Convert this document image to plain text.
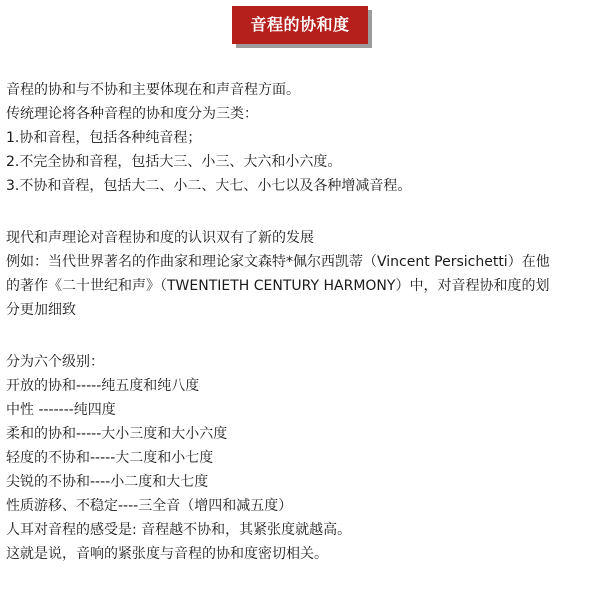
音程的协和度
音程的协和与不协和主要体现在和声音程方面。
传统理论将各种音程的协和度分为三类：
1.协和音程，包括各种纯音程；
2.不完全协和音程，包括大三、小三、大六和小六度。
3.不协和音程，包括大二、小二、大七、小七以及各种增减音程。
现代和声理论对音程协和度的认识双有了新的发展
例如：当代世界著名的作曲家和理论家文森特*佩尔西凯蒂（Vincent Persichetti）在他
的著作《二十世纪和声》（TWENTIETH CENTURY HARMONY）中，对音程协和度的划
分更加细致
分为六个级别：
开放的协和-----纯五度和纯八度
中性 -------纯四度
柔和的协和-----大小三度和大小六度
轻度的不协和-----大二度和小七度
尖锐的不协和----小二度和大七度
性质游移、不稳定----三全音（增四和减五度）
人耳对音程的感受是: 音程越不协和，其紧张度就越高。
这就是说，音响的紧张度与音程的协和度密切相关。
